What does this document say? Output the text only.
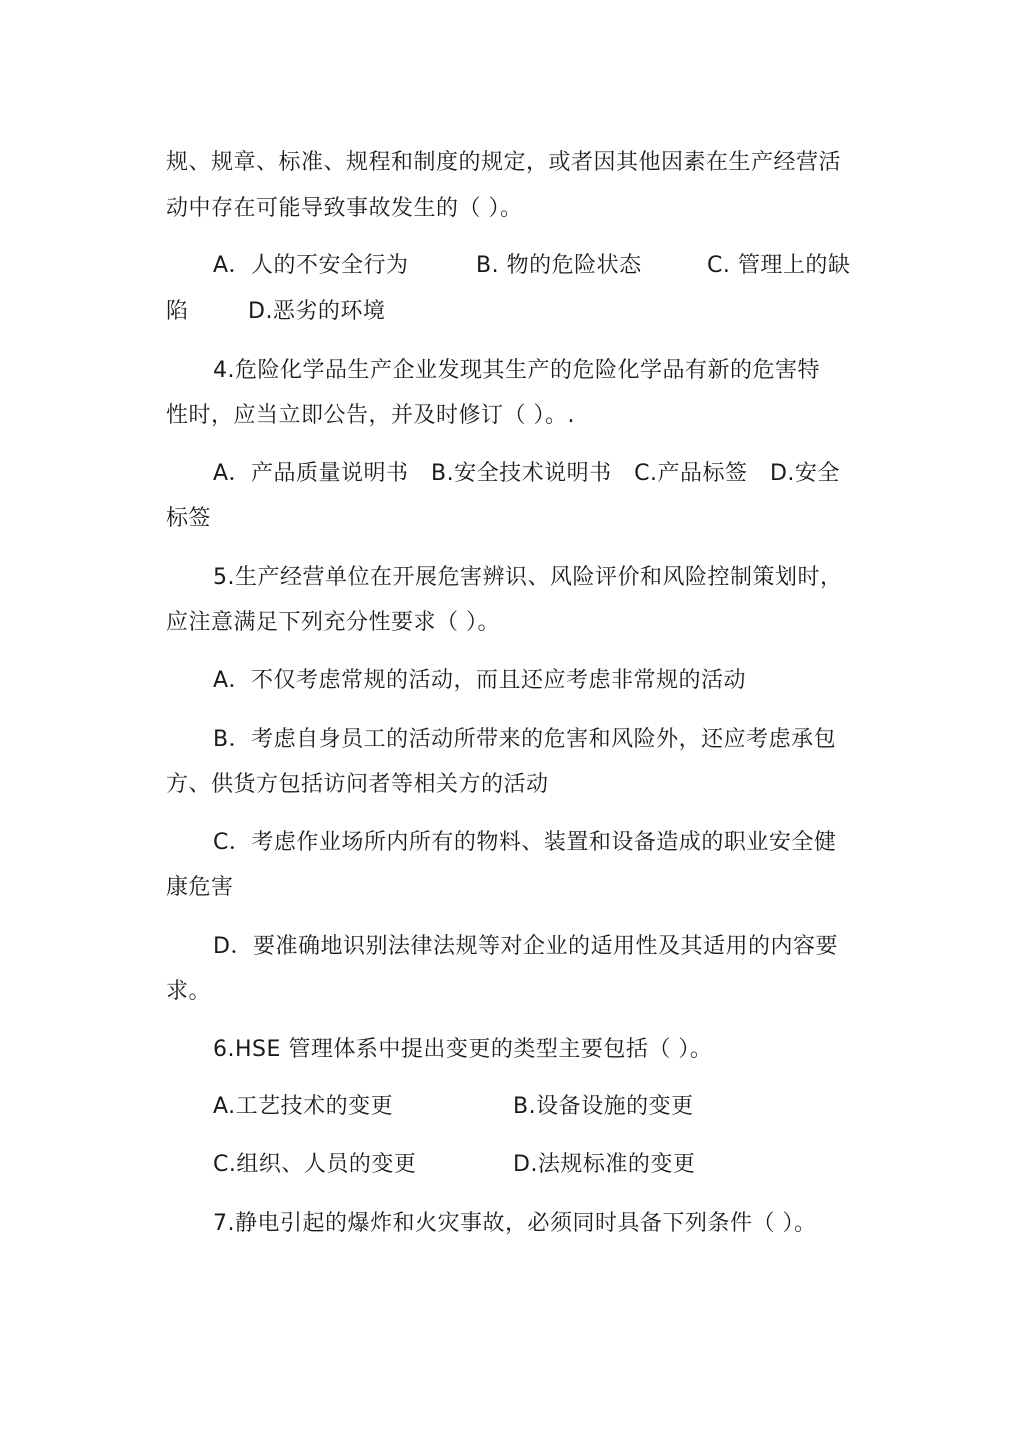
规、规章、标准、规程和制度的规定，或者因其他因素在生产经营活
动中存在可能导致事故发生的（ ）。
A．人的不安全行为	B. 物的危险状态	C. 管理上的缺
陷	D.恶劣的环境
4.危险化学品生产企业发现其生产的危险化学品有新的危害特
性时，应当立即公告，并及时修订（ ）。.
A．产品质量说明书　B.安全技术说明书　C.产品标签　D.安全
标签
5.生产经营单位在开展危害辨识、风险评价和风险控制策划时，
应注意满足下列充分性要求（ ）。
A．不仅考虑常规的活动，而且还应考虑非常规的活动
B．考虑自身员工的活动所带来的危害和风险外，还应考虑承包
方、供货方包括访问者等相关方的活动
C．考虑作业场所内所有的物料、装置和设备造成的职业安全健
康危害
D．要准确地识别法律法规等对企业的适用性及其适用的内容要
求。
6.HSE 管理体系中提出变更的类型主要包括（ ）。
A.工艺技术的变更	B.设备设施的变更
C.组织、人员的变更	D.法规标准的变更
7.静电引起的爆炸和火灾事故，必须同时具备下列条件（ ）。
